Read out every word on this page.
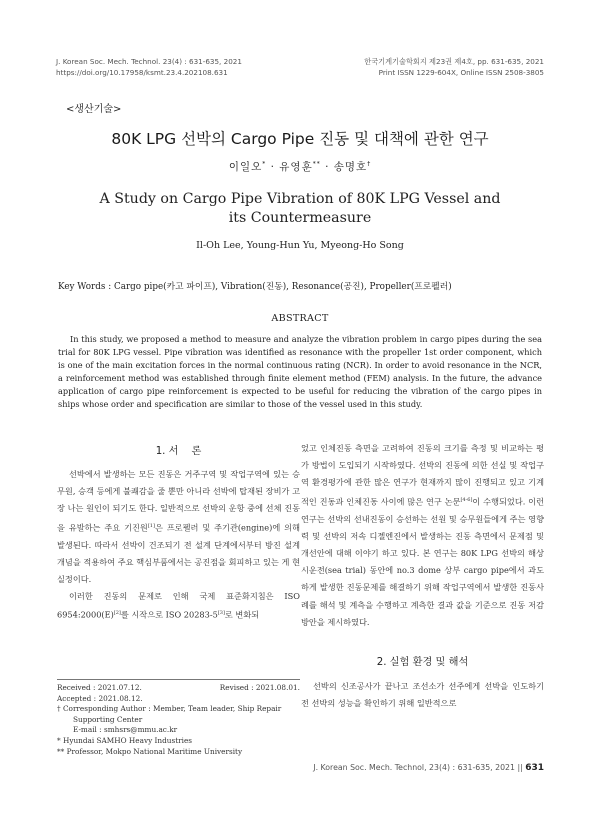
J. Korean Soc. Mech. Technol. 23(4) : 631-635, 2021
https://doi.org/10.17958/ksmt.23.4.202108.631
한국기계기술학회지 제23권 제4호, pp. 631-635, 2021
Print ISSN 1229-604X, Online ISSN 2508-3805
<생산기술>
80K LPG 선박의 Cargo Pipe 진동 및 대책에 관한 연구
이일오* · 유영훈** · 송명호†
A Study on Cargo Pipe Vibration of 80K LPG Vessel and
its Countermeasure
Il-Oh Lee, Young-Hun Yu, Myeong-Ho Song
Key Words : Cargo pipe(카고 파이프), Vibration(진동), Resonance(공진), Propeller(프로펠러)
ABSTRACT
In this study, we proposed a method to measure and analyze the vibration problem in cargo pipes during the sea trial for 80K LPG vessel. Pipe vibration was identified as resonance with the propeller 1st order component, which is one of the main excitation forces in the normal continuous rating (NCR). In order to avoid resonance in the NCR, a reinforcement method was established through finite element method (FEM) analysis. In the future, the advance application of cargo pipe reinforcement is expected to be useful for reducing the vibration of the cargo pipes in ships whose order and specification are similar to those of the vessel used in this study.
1. 서    론

선박에서 발생하는 모든 진동은 거주구역 및 작업구역에 있는 승무원, 승객 등에게 불쾌감을 줄 뿐만 아니라 선박에 탑재된 장비가 고장 나는 원인이 되기도 한다. 일반적으로 선박의 운항 중에 선체 진동을 유발하는 주요 기진원[1]은 프로펠러 및 주기관(engine)에 의해 발생된다. 따라서 선박이 건조되기 전 설계 단계에서부터 방진 설계 개념을 적용하여 주요 핵심부품에서는 공진점을 회피하고 있는 게 현 실정이다.

이러한 진동의 문제로 인해 국제 표준화지침은 ISO 6954:2000(E)[2]를 시작으로 ISO 20283-5[3]로 변화되

었고 인체진동 측면을 고려하여 진동의 크기를 측정 및 비교하는 평가 방법이 도입되기 시작하였다. 선박의 진동에 의한 선실 및 작업구역 환경평가에 관한 많은 연구가 현재까지 많이 진행되고 있고 기계적인 진동과 인체진동 사이에 많은 연구 논문[4-6]이 수행되었다. 이런 연구는 선박의 선내진동이 승선하는 선원 및 승무원들에게 주는 영향력 및 선박의 저속 디젤엔진에서 발생하는 진동 측면에서 문제점 및 개선안에 대해 이야기 하고 있다. 본 연구는 80K LPG 선박의 해상시운전(sea trial) 동안에 no.3 dome 상부 cargo pipe에서 과도하게 발생한 진동문제를 해결하기 위해 작업구역에서 발생한 진동사례를 해석 및 계측을 수행하고 계측한 결과 값을 기준으로 진동 저감 방안을 제시하였다.

2. 실험 환경 및 해석

선박의 신조공사가 끝나고 조선소가 선주에게 선박을 인도하기 전 선박의 성능을 확인하기 위해 일반적으로

Received : 2021.07.12.	Revised : 2021.08.01.
Accepted : 2021.08.12.
† Corresponding Author : Member, Team leader, Ship Repair
Supporting Center
E-mail : smhsrs@mmu.ac.kr
* Hyundai SAMHO Heavy Industries
** Professor, Mokpo National Maritime University
J. Korean Soc. Mech. Technol, 23(4) : 631-635, 2021 || 631
